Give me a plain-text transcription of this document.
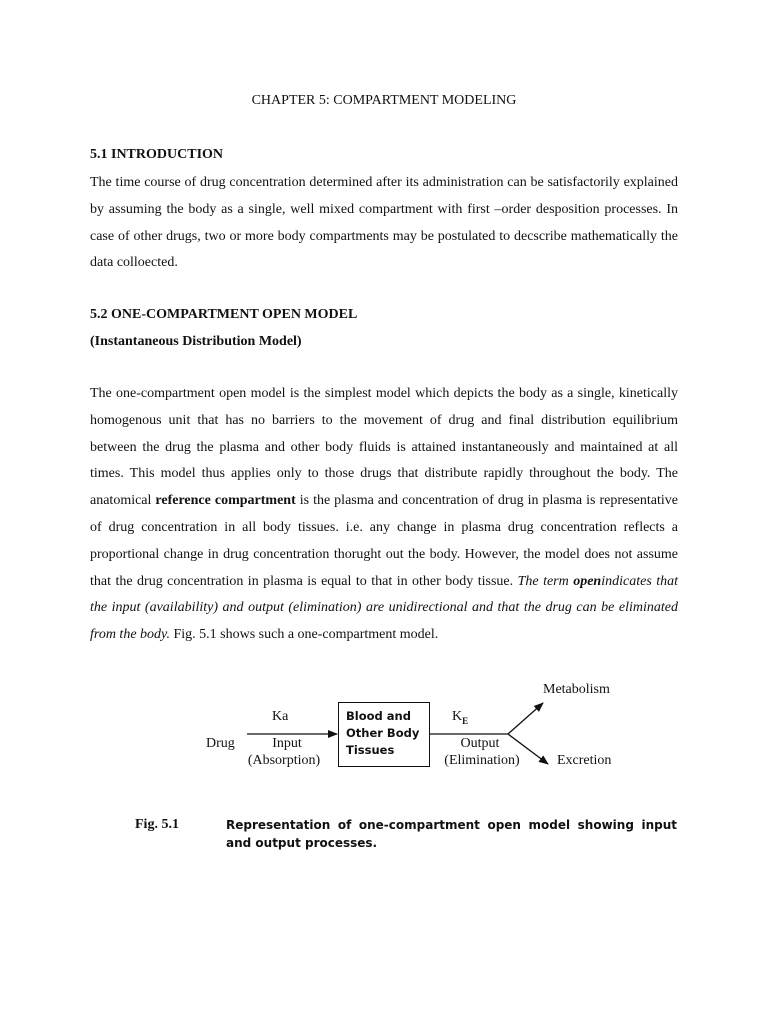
CHAPTER 5: COMPARTMENT MODELING
5.1 INTRODUCTION
The time course of drug concentration determined after its administration can be satisfactorily explained by assuming the body as a single, well mixed compartment with first –order desposition processes. In case of other drugs, two or more body compartments may be postulated to decscribe mathematically the data colloected.
5.2 ONE-COMPARTMENT OPEN MODEL
(Instantaneous Distribution Model)
The one-compartment open model is the simplest model which depicts the body as a single, kinetically homogenous unit that has no barriers to the movement of drug and final distribution equilibrium between the drug the plasma and other body fluids is attained instantaneously and maintained at all times. This model thus applies only to those drugs that distribute rapidly throughout the body. The anatomical reference compartment is the plasma and concentration of drug in plasma is representative of drug concentration in all body tissues. i.e. any change in plasma drug concentration reflects a proportional change in drug concentration thorught out the body. However, the model does not assume that the drug concentration in plasma is equal to that in other body tissue. The term openindicates that the input (availability) and output (elimination) are unidirectional and that the drug can be eliminated from the body. Fig. 5.1 shows such a one-compartment model.
Drug
Ka
Input
(Absorption)
Blood and Other Body Tissues
$K_E$
Output
(Elimination)
Metabolism
Excretion
Fig. 5.1	Representation of one-compartment open model showing input and output processes.
